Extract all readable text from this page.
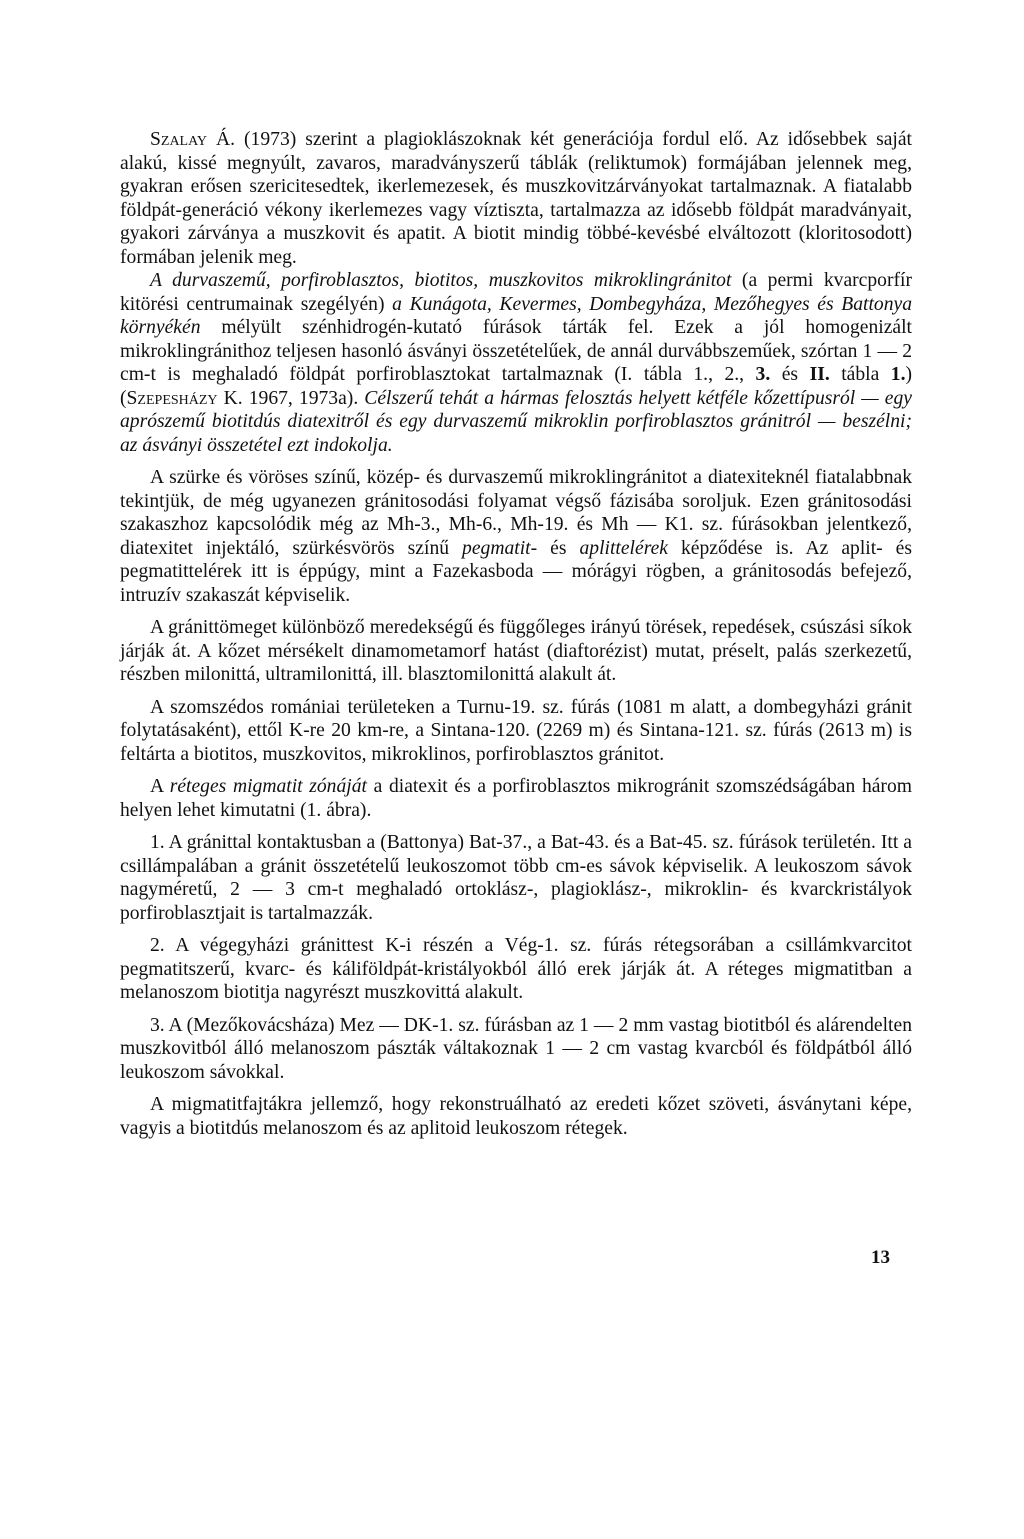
Szalay Á. (1973) szerint a plagioklászoknak két generációja fordul elő. Az idősebbek saját alakú, kissé megnyúlt, zavaros, maradványszerű táblák (reliktumok) formájában jelennek meg, gyakran erősen szericitesedtek, ikerlemezesek, és muszkovitzárványokat tartalmaznak. A fiatalabb földpát-generáció vékony ikerlemezes vagy víztiszta, tartalmazza az idősebb földpát maradványait, gyakori zárványa a muszkovit és apatit. A biotit mindig többé-kevésbé elváltozott (kloritosodott) formában jelenik meg.

A durvaszemű, porfiroblasztos, biotitos, muszkovitos mikroklingránitot (a permi kvarcporfír kitörési centrumainak szegélyén) a Kunágota, Kevermes, Dombegyháza, Mezőhegyes és Battonya környékén mélyült szénhidrogén-kutató fúrások tárták fel. Ezek a jól homogenizált mikroklingránithoz teljesen hasonló ásványi összetételűek, de annál durvábbszeműek, szórtan 1 — 2 cm-t is meghaladó földpát porfiroblasztokat tartalmaznak (I. tábla 1., 2., 3. és II. tábla 1.) (Szepesházy K. 1967, 1973a). Célszerű tehát a hármas felosztás helyett kétféle kőzettípusról — egy aprószemű biotitdús diatexitről és egy durvaszemű mikroklin porfiroblasztos gránitról — beszélni; az ásványi összetétel ezt indokolja.

A szürke és vöröses színű, közép- és durvaszemű mikroklingránitot a diatexiteknél fiatalabbnak tekintjük, de még ugyanezen gránitosodási folyamat végső fázisába soroljuk. Ezen gránitosodási szakaszhoz kapcsolódik még az Mh-3., Mh-6., Mh-19. és Mh — K1. sz. fúrásokban jelentkező, diatexitet injektáló, szürkésvörös színű pegmatit- és aplittelérek képződése is. Az aplit- és pegmatittelérek itt is éppúgy, mint a Fazekasboda — mórágyi rögben, a gránitosodás befejező, intruzív szakaszát képviselik.

A gránittömeget különböző meredekségű és függőleges irányú törések, repedések, csúszási síkok járják át. A kőzet mérsékelt dinamometamorf hatást (diaftorézist) mutat, préselt, palás szerkezetű, részben milonittá, ultramilonittá, ill. blasztomilonittá alakult át.

A szomszédos romániai területeken a Turnu-19. sz. fúrás (1081 m alatt, a dombegyházi gránit folytatásaként), ettől K-re 20 km-re, a Sintana-120. (2269 m) és Sintana-121. sz. fúrás (2613 m) is feltárta a biotitos, muszkovitos, mikroklinos, porfiroblasztos gránitot.

A réteges migmatit zónáját a diatexit és a porfiroblasztos mikrogránit szomszédságában három helyen lehet kimutatni (1. ábra).

1. A gránittal kontaktusban a (Battonya) Bat-37., a Bat-43. és a Bat-45. sz. fúrások területén. Itt a csillámpalában a gránit összetételű leukoszomot több cm-es sávok képviselik. A leukoszom sávok nagyméretű, 2 — 3 cm-t meghaladó ortoklász-, plagioklász-, mikroklin- és kvarckristályok porfiroblasztjait is tartalmazzák.

2. A végegyházi gránittest K-i részén a Vég-1. sz. fúrás rétegsorában a csillámkvarcitot pegmatitszerű, kvarc- és káliföldpát-kristályokból álló erek járják át. A réteges migmatitban a melanoszom biotitja nagyrészt muszkovittá alakult.

3. A (Mezőkovácsháza) Mez — DK-1. sz. fúrásban az 1 — 2 mm vastag biotitból és alárendelten muszkovitból álló melanoszom pászták váltakoznak 1 — 2 cm vastag kvarcból és földpátból álló leukoszom sávokkal.

A migmatitfajtákra jellemző, hogy rekonstruálható az eredeti kőzet szöveti, ásványtani képe, vagyis a biotitdús melanoszom és az aplitoid leukoszom rétegek.

13
